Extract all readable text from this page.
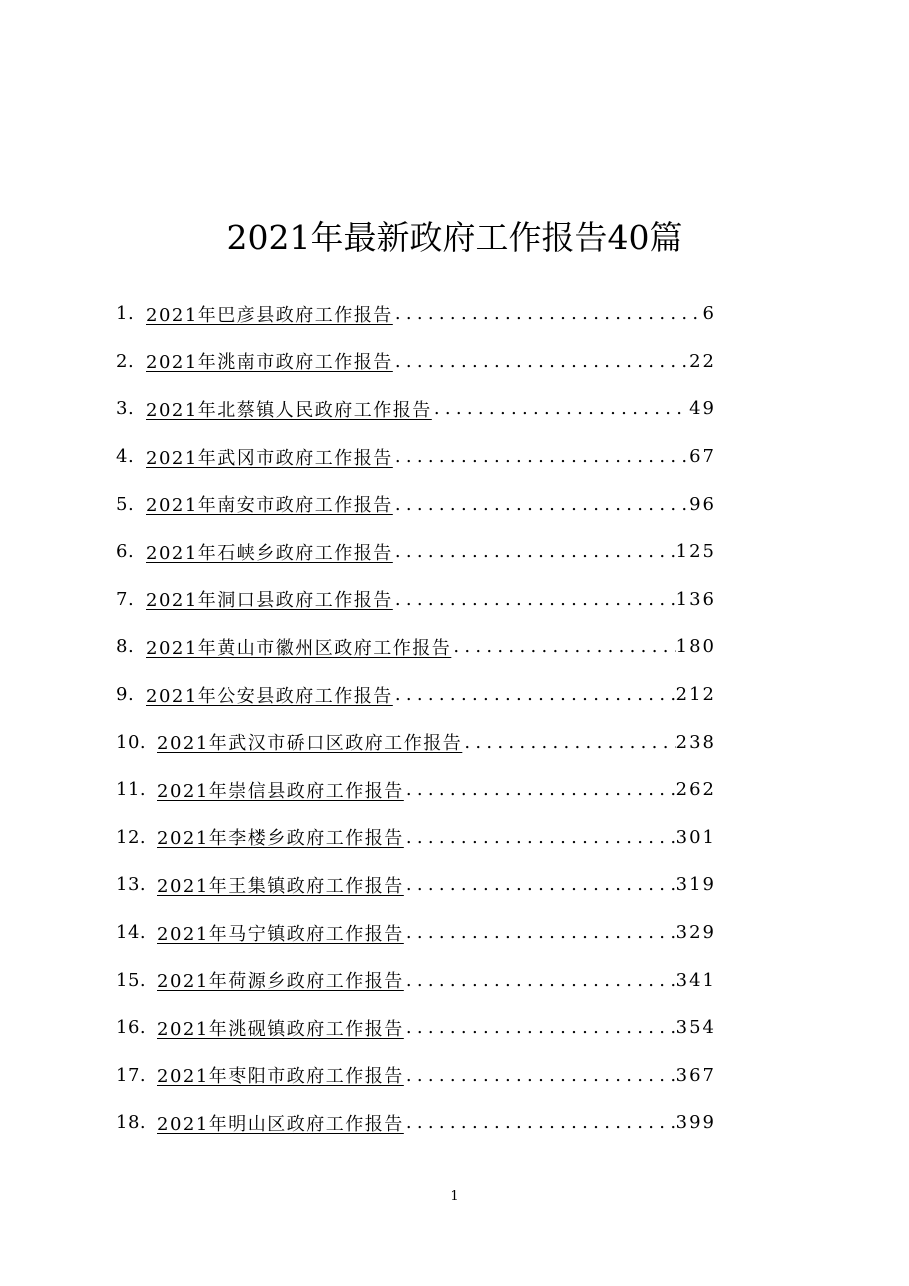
2021年最新政府工作报告40篇
1. 2021年巴彦县政府工作报告 .....	6
2. 2021年洮南市政府工作报告 .....	22
3. 2021年北蔡镇人民政府工作报告 .....	49
4. 2021年武冈市政府工作报告 .....	67
5. 2021年南安市政府工作报告 .....	96
6. 2021年石峡乡政府工作报告 .....	125
7. 2021年洞口县政府工作报告 .....	136
8. 2021年黄山市徽州区政府工作报告 .....	180
9. 2021年公安县政府工作报告 .....	212
10. 2021年武汉市硚口区政府工作报告 .....	238
11. 2021年崇信县政府工作报告 .....	262
12. 2021年李楼乡政府工作报告 .....	301
13. 2021年王集镇政府工作报告 .....	319
14. 2021年马宁镇政府工作报告 .....	329
15. 2021年荷源乡政府工作报告 .....	341
16. 2021年洮砚镇政府工作报告 .....	354
17. 2021年枣阳市政府工作报告 .....	367
18. 2021年明山区政府工作报告 .....	399
1
